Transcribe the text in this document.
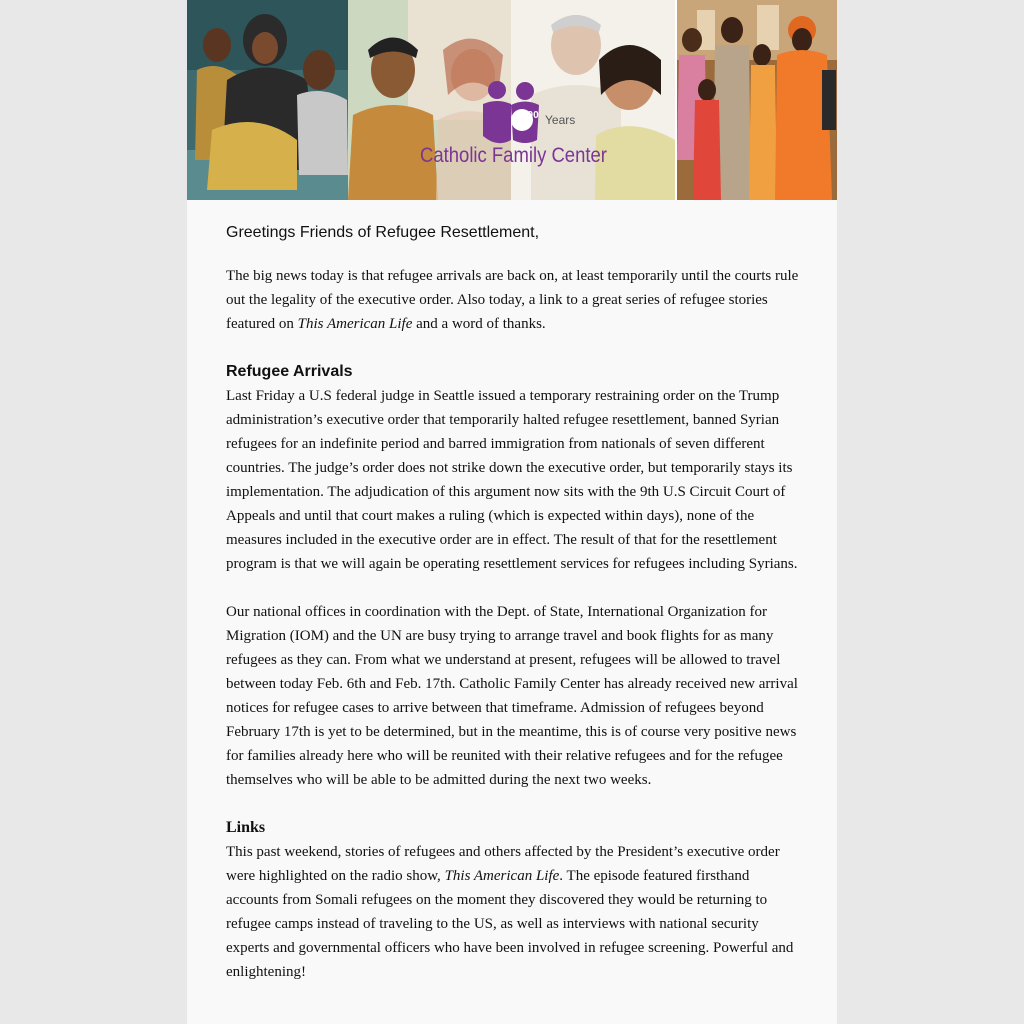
100 Years
Catholic Family Center

Greetings Friends of Refugee Resettlement,

The big news today is that refugee arrivals are back on, at least temporarily until the courts rule out the legality of the executive order. Also today, a link to a great series of refugee stories featured on This American Life and a word of thanks.

Refugee Arrivals

Last Friday a U.S federal judge in Seattle issued a temporary restraining order on the Trump administration’s executive order that temporarily halted refugee resettlement, banned Syrian refugees for an indefinite period and barred immigration from nationals of seven different countries. The judge’s order does not strike down the executive order, but temporarily stays its implementation. The adjudication of this argument now sits with the 9th U.S Circuit Court of Appeals and until that court makes a ruling (which is expected within days), none of the measures included in the executive order are in effect. The result of that for the resettlement program is that we will again be operating resettlement services for refugees including Syrians.

Our national offices in coordination with the Dept. of State, International Organization for Migration (IOM) and the UN are busy trying to arrange travel and book flights for as many refugees as they can. From what we understand at present, refugees will be allowed to travel between today Feb. 6th and Feb. 17th. Catholic Family Center has already received new arrival notices for refugee cases to arrive between that timeframe. Admission of refugees beyond February 17th is yet to be determined, but in the meantime, this is of course very positive news for families already here who will be reunited with their relative refugees and for the refugee themselves who will be able to be admitted during the next two weeks.

Links

This past weekend, stories of refugees and others affected by the President’s executive order were highlighted on the radio show, This American Life. The episode featured firsthand accounts from Somali refugees on the moment they discovered they would be returning to refugee camps instead of traveling to the US, as well as interviews with national security experts and governmental officers who have been involved in refugee screening. Powerful and enlightening!
